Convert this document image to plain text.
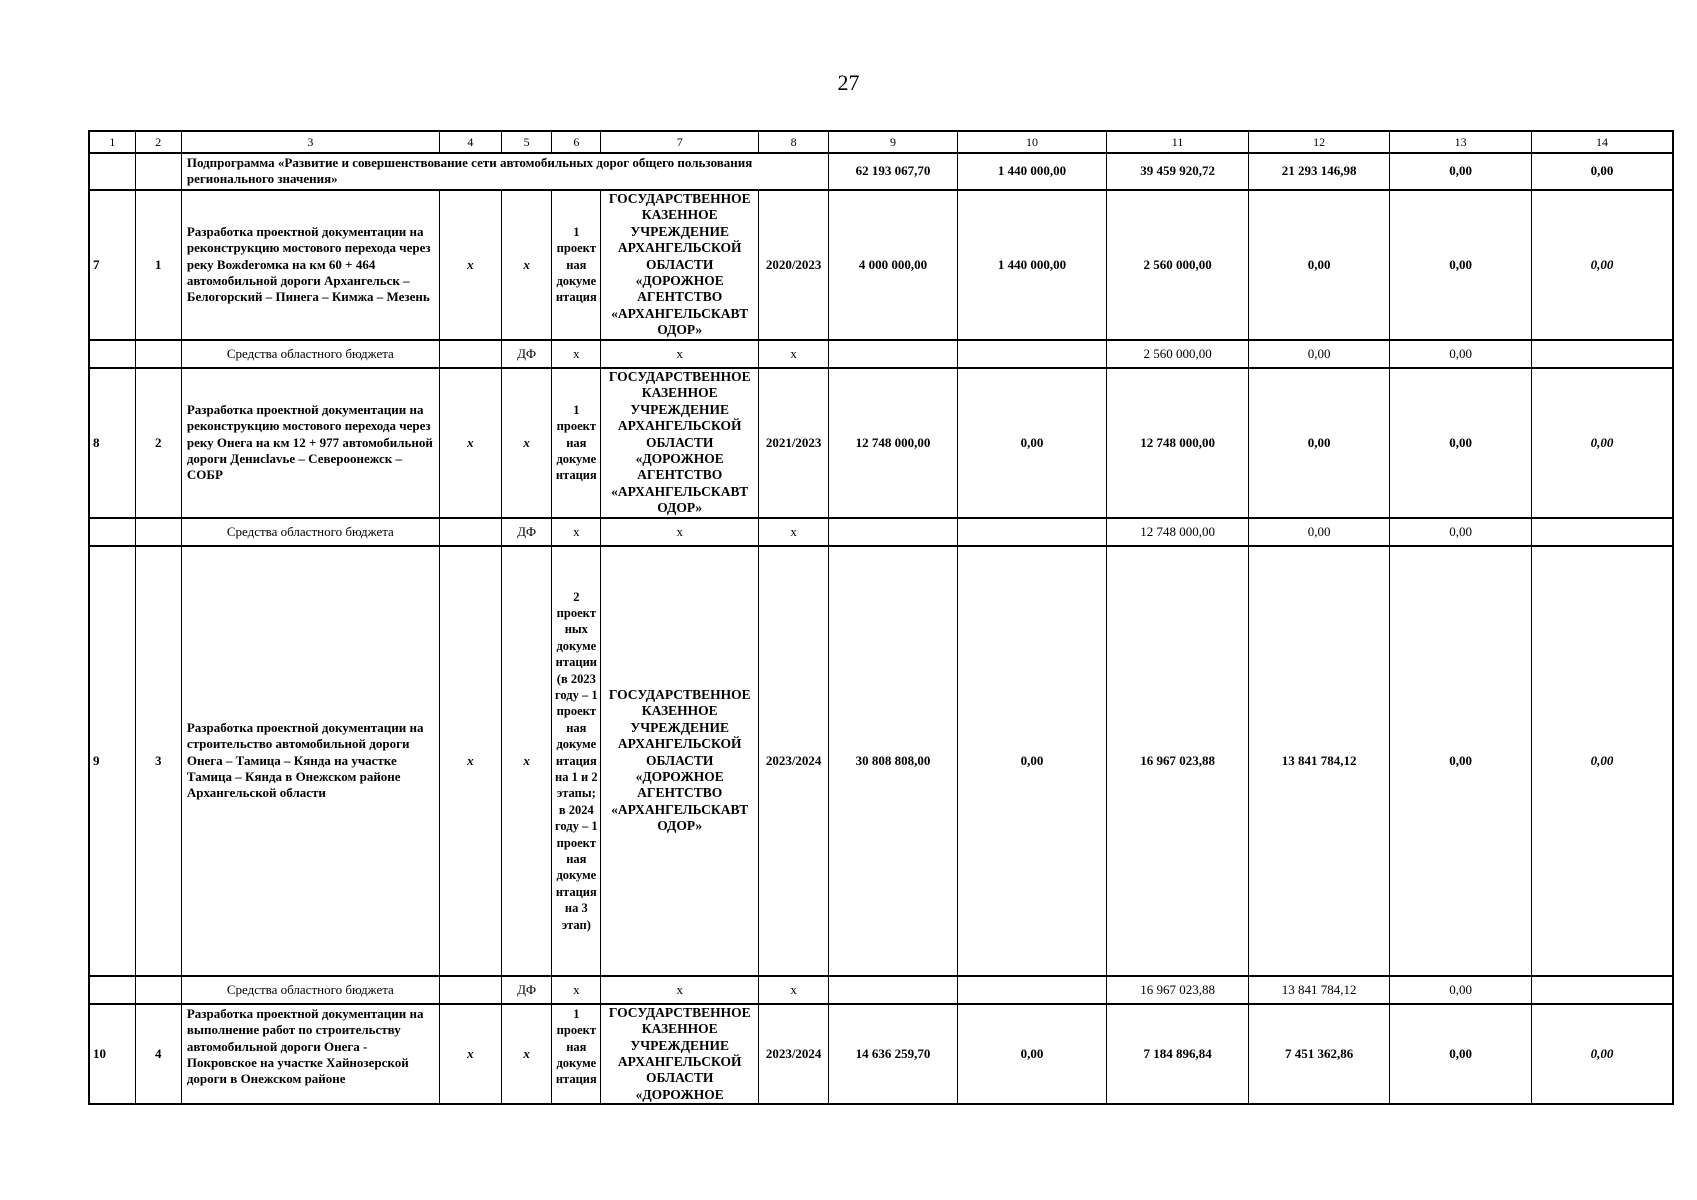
27
1	2	3	4	5	6	7	8	9	10	11	12	13	14
		Подпрограмма «Развитие и совершенствование сети автомобильных дорог общего пользования регионального значения»						62 193 067,70	1 440 000,00	39 459 920,72	21 293 146,98	0,00	0,00
7	1	Разработка проектной документации на реконструкцию мостового перехода через реку Вожderомка на км 60 + 464 автомобильной дороги Архангельск – Белогорский – Пинега – Кимжа – Мезень	х	х	1 проектная документация	ГОСУДАРСТВЕННОЕ КАЗЕННОЕ УЧРЕЖДЕНИЕ АРХАНГЕЛЬСКОЙ ОБЛАСТИ «ДОРОЖНОЕ АГЕНТСТВО «АРХАНГЕЛЬСКАВТ ОДОР»	2020/2023	4 000 000,00	1 440 000,00	2 560 000,00	0,00	0,00	0,00
		Средства областного бюджета		ДФ	х	х	х			2 560 000,00	0,00	0,00	
8	2	Разработка проектной документации на реконструкцию мостового перехода через реку Онега на км 12 + 977 автомобильной дороги Денисlavье – Североонежск – СОБР	х	х	1 проектная документация	ГОСУДАРСТВЕННОЕ КАЗЕННОЕ УЧРЕЖДЕНИЕ АРХАНГЕЛЬСКОЙ ОБЛАСТИ «ДОРОЖНОЕ АГЕНТСТВО «АРХАНГЕЛЬСКАВТ ОДОР»	2021/2023	12 748 000,00	0,00	12 748 000,00	0,00	0,00	0,00
		Средства областного бюджета		ДФ	х	х	х			12 748 000,00	0,00	0,00	
9	3	Разработка проектной документации на строительство автомобильной дороги Онега – Тамица – Кянда на участке Тамица – Кянда в Онежском районе Архангельской области	х	х	2 проектных документации (в 2023 году – 1 проектная документация на 1 и 2 этапы; в 2024 году – 1 проектная документация на 3 этап)	ГОСУДАРСТВЕННОЕ КАЗЕННОЕ УЧРЕЖДЕНИЕ АРХАНГЕЛЬСКОЙ ОБЛАСТИ «ДОРОЖНОЕ АГЕНТСТВО «АРХАНГЕЛЬСКАВТ ОДОР»	2023/2024	30 808 808,00	0,00	16 967 023,88	13 841 784,12	0,00	0,00
		Средства областного бюджета		ДФ	х	х	х			16 967 023,88	13 841 784,12	0,00	
10	4	Разработка проектной документации на выполнение работ по строительству автомобильной дороги Онега - Покровское на участке Хайнозерской дороги в Онежском районе	х	х	1 проектная документация	ГОСУДАРСТВЕННОЕ КАЗЕННОЕ УЧРЕЖДЕНИЕ АРХАНГЕЛЬСКОЙ ОБЛАСТИ «ДОРОЖНОЕ	2023/2024	14 636 259,70	0,00	7 184 896,84	7 451 362,86	0,00	0,00
